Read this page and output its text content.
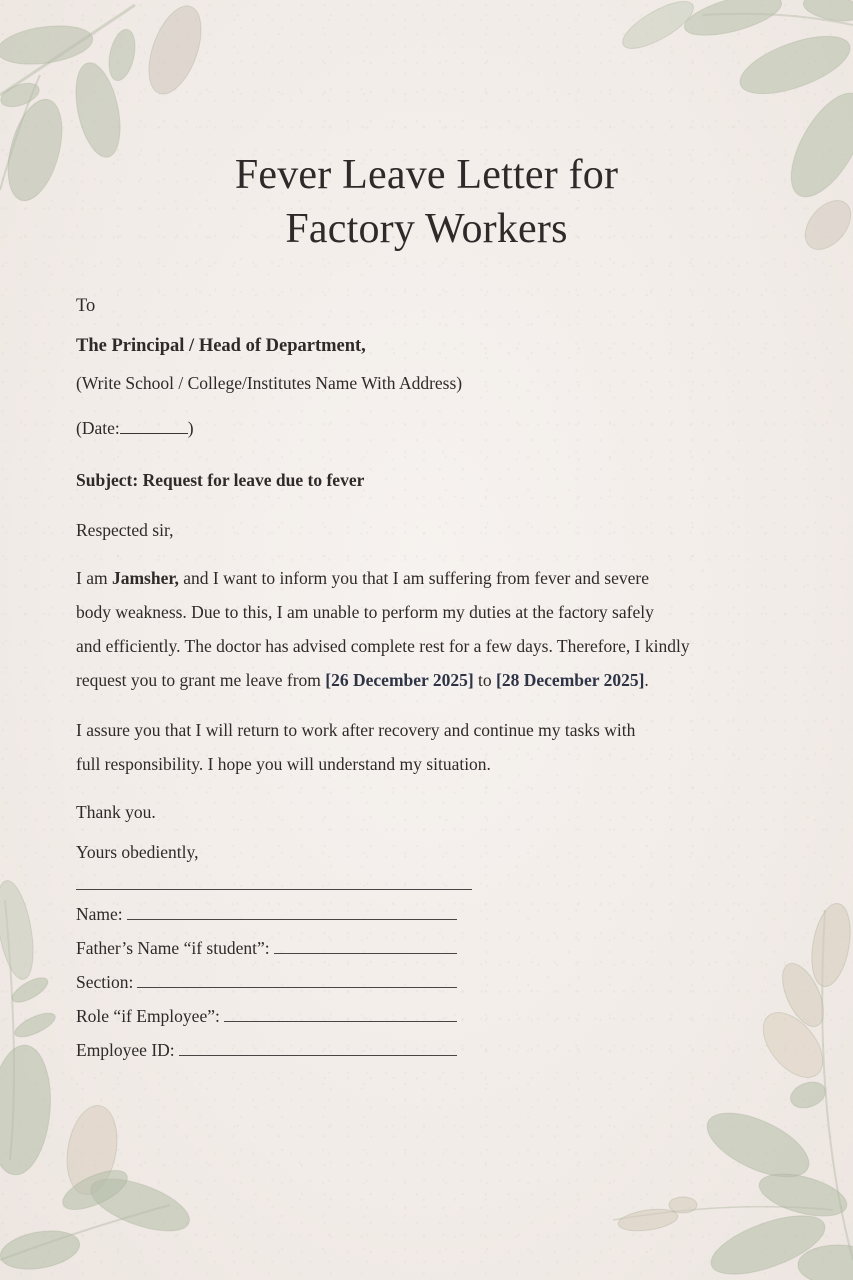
Fever Leave Letter for
Factory Workers
To
The Principal / Head of Department,
(Write School / College/Institutes Name With Address)
(Date:	)
Subject: Request for leave due to fever
Respected sir,
I am Jamsher, and I want to inform you that I am suffering from fever and severe
body weakness. Due to this, I am unable to perform my duties at the factory safely
and efficiently. The doctor has advised complete rest for a few days. Therefore, I kindly
request you to grant me leave from [26 December 2025] to [28 December 2025].
I assure you that I will return to work after recovery and continue my tasks with
full responsibility. I hope you will understand my situation.
Thank you.
Yours obediently,
Name:
Father’s Name “if student”:
Section:
Role “if Employee”:
Employee ID:
